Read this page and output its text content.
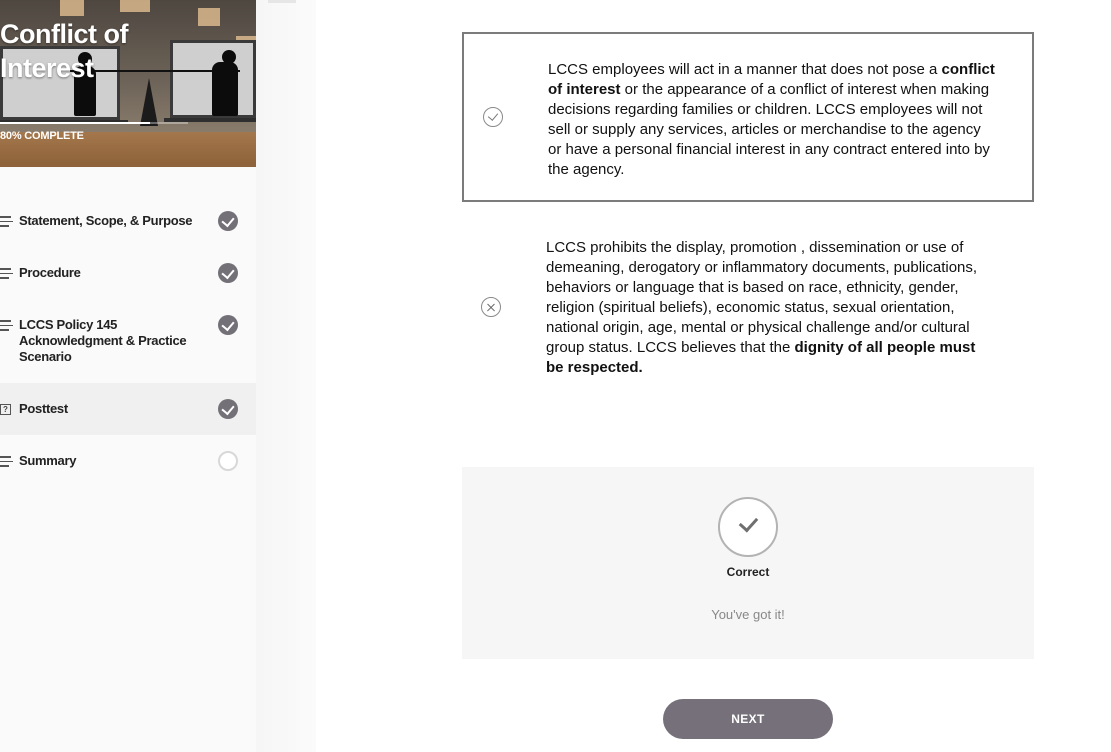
Conflict of
Interest
80% COMPLETE
Statement, Scope, & Purpose
Procedure
LCCS Policy 145 Acknowledgment & Practice Scenario
? Posttest
Summary
LCCS employees will act in a manner that does not pose a conflict of interest or the appearance of a conflict of interest when making decisions regarding families or children. LCCS employees will not sell or supply any services, articles or merchandise to the agency or have a personal financial interest in any contract entered into by the agency.
LCCS prohibits the display, promotion , dissemination or use of demeaning, derogatory or inflammatory documents, publications, behaviors or language that is based on race, ethnicity, gender, religion (spiritual beliefs), economic status, sexual orientation, national origin, age, mental or physical challenge and/or cultural group status. LCCS believes that the dignity of all people must be respected.
Correct
You've got it!
NEXT
